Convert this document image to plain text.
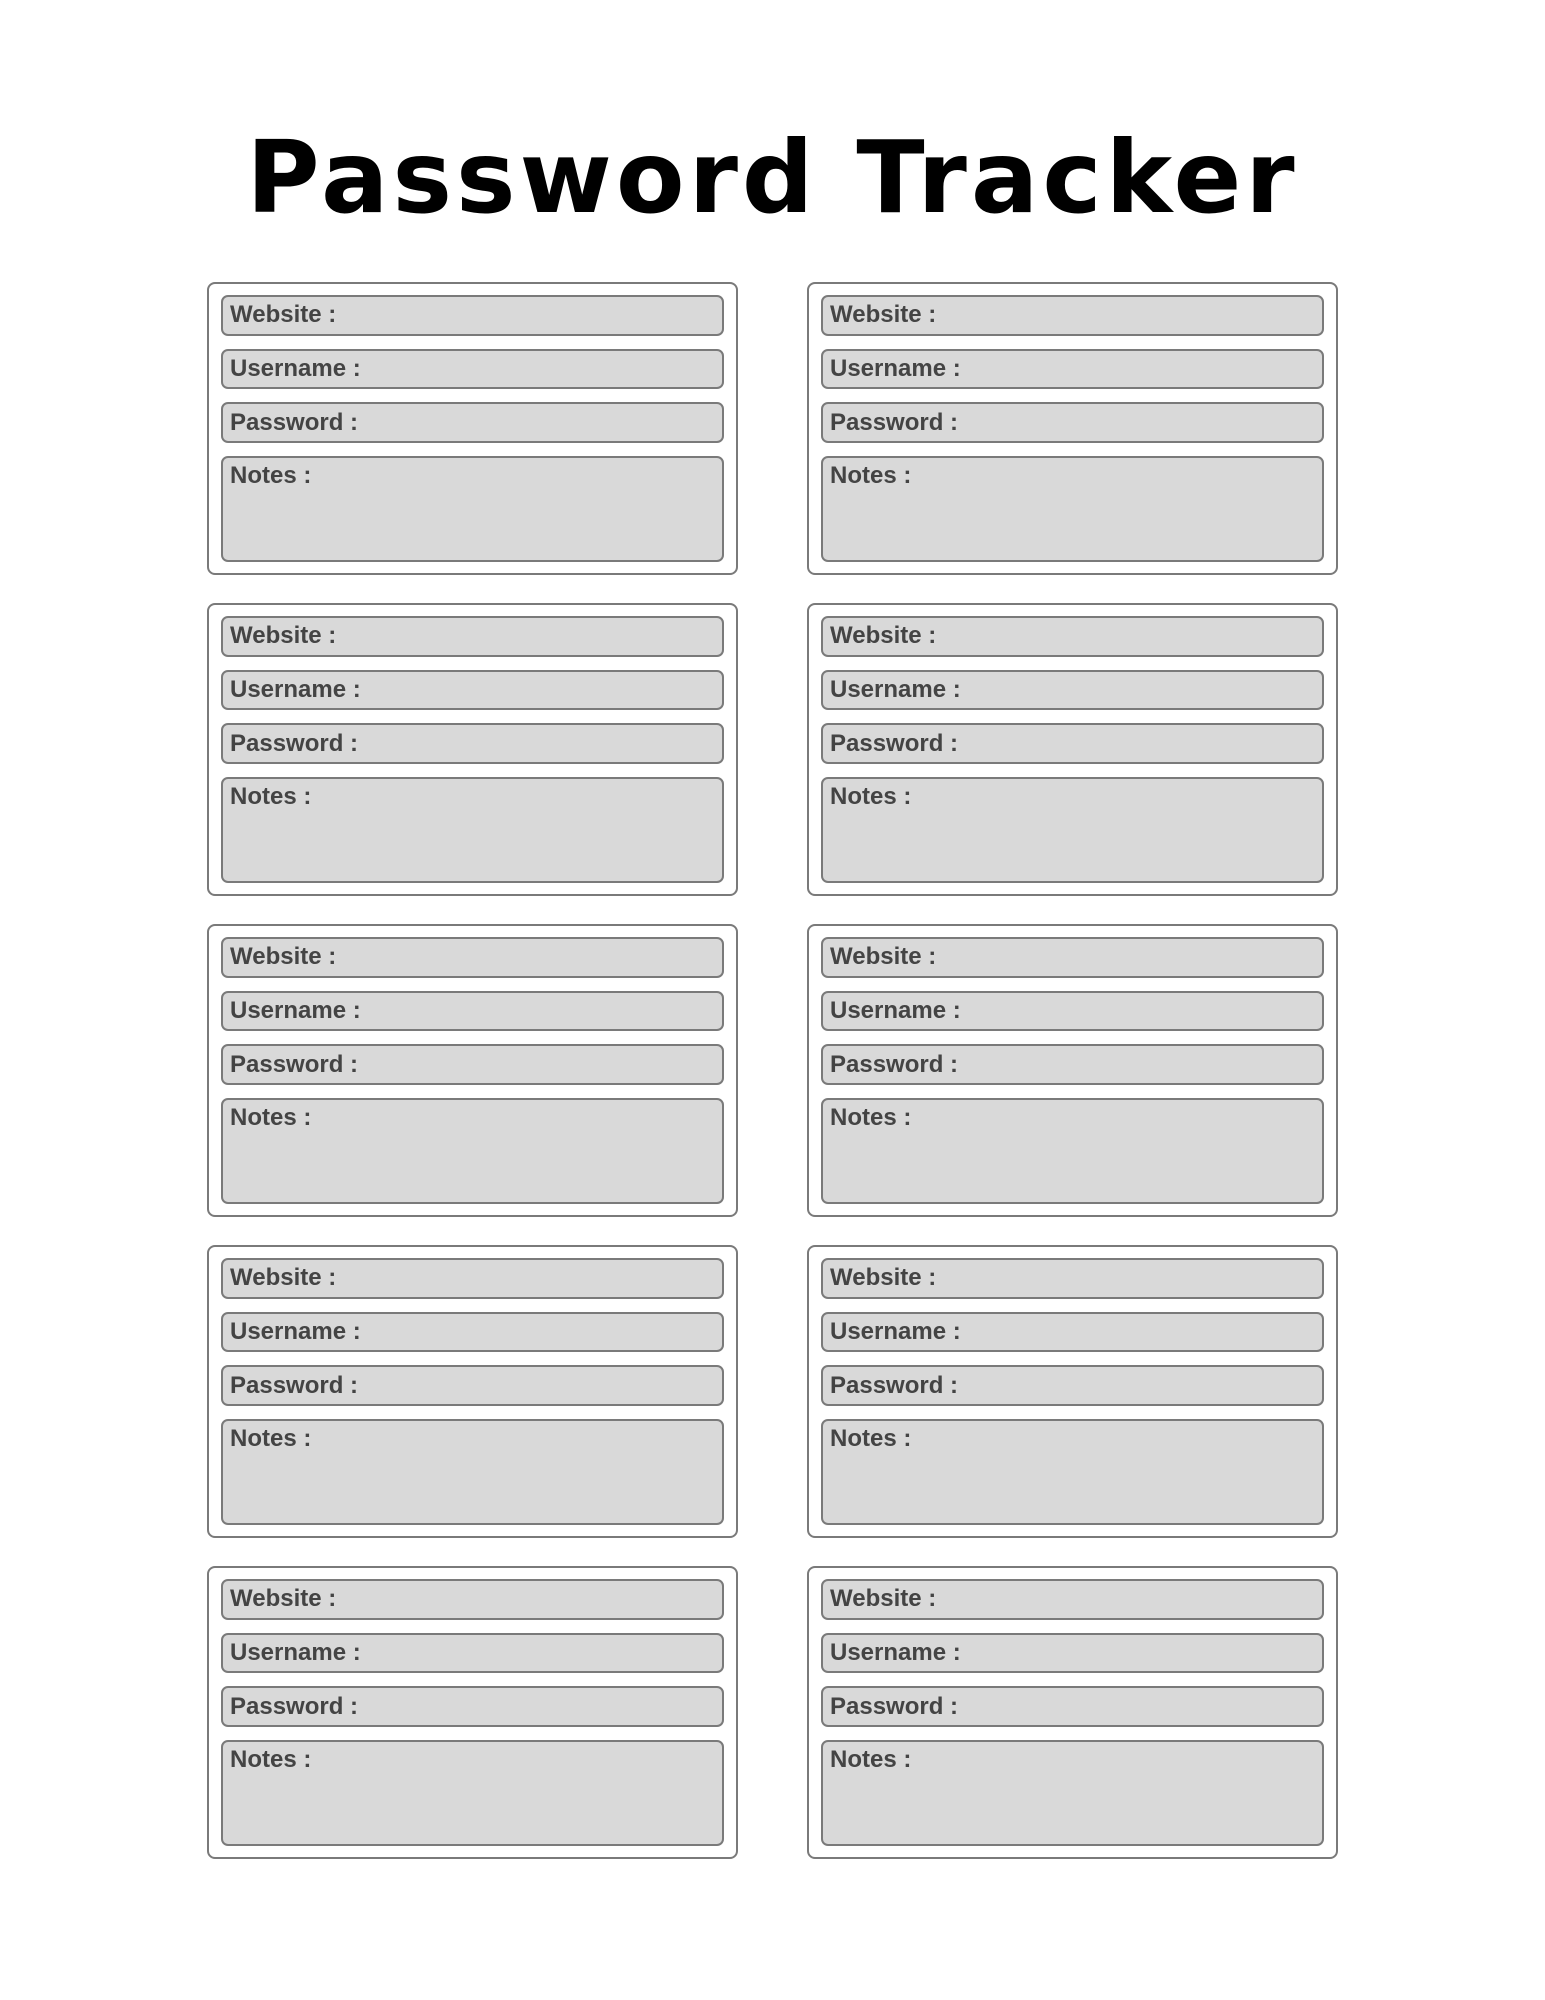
Password Tracker
Website :
Username :
Password :
Notes :
Website :
Username :
Password :
Notes :
Website :
Username :
Password :
Notes :
Website :
Username :
Password :
Notes :
Website :
Username :
Password :
Notes :
Website :
Username :
Password :
Notes :
Website :
Username :
Password :
Notes :
Website :
Username :
Password :
Notes :
Website :
Username :
Password :
Notes :
Website :
Username :
Password :
Notes :
